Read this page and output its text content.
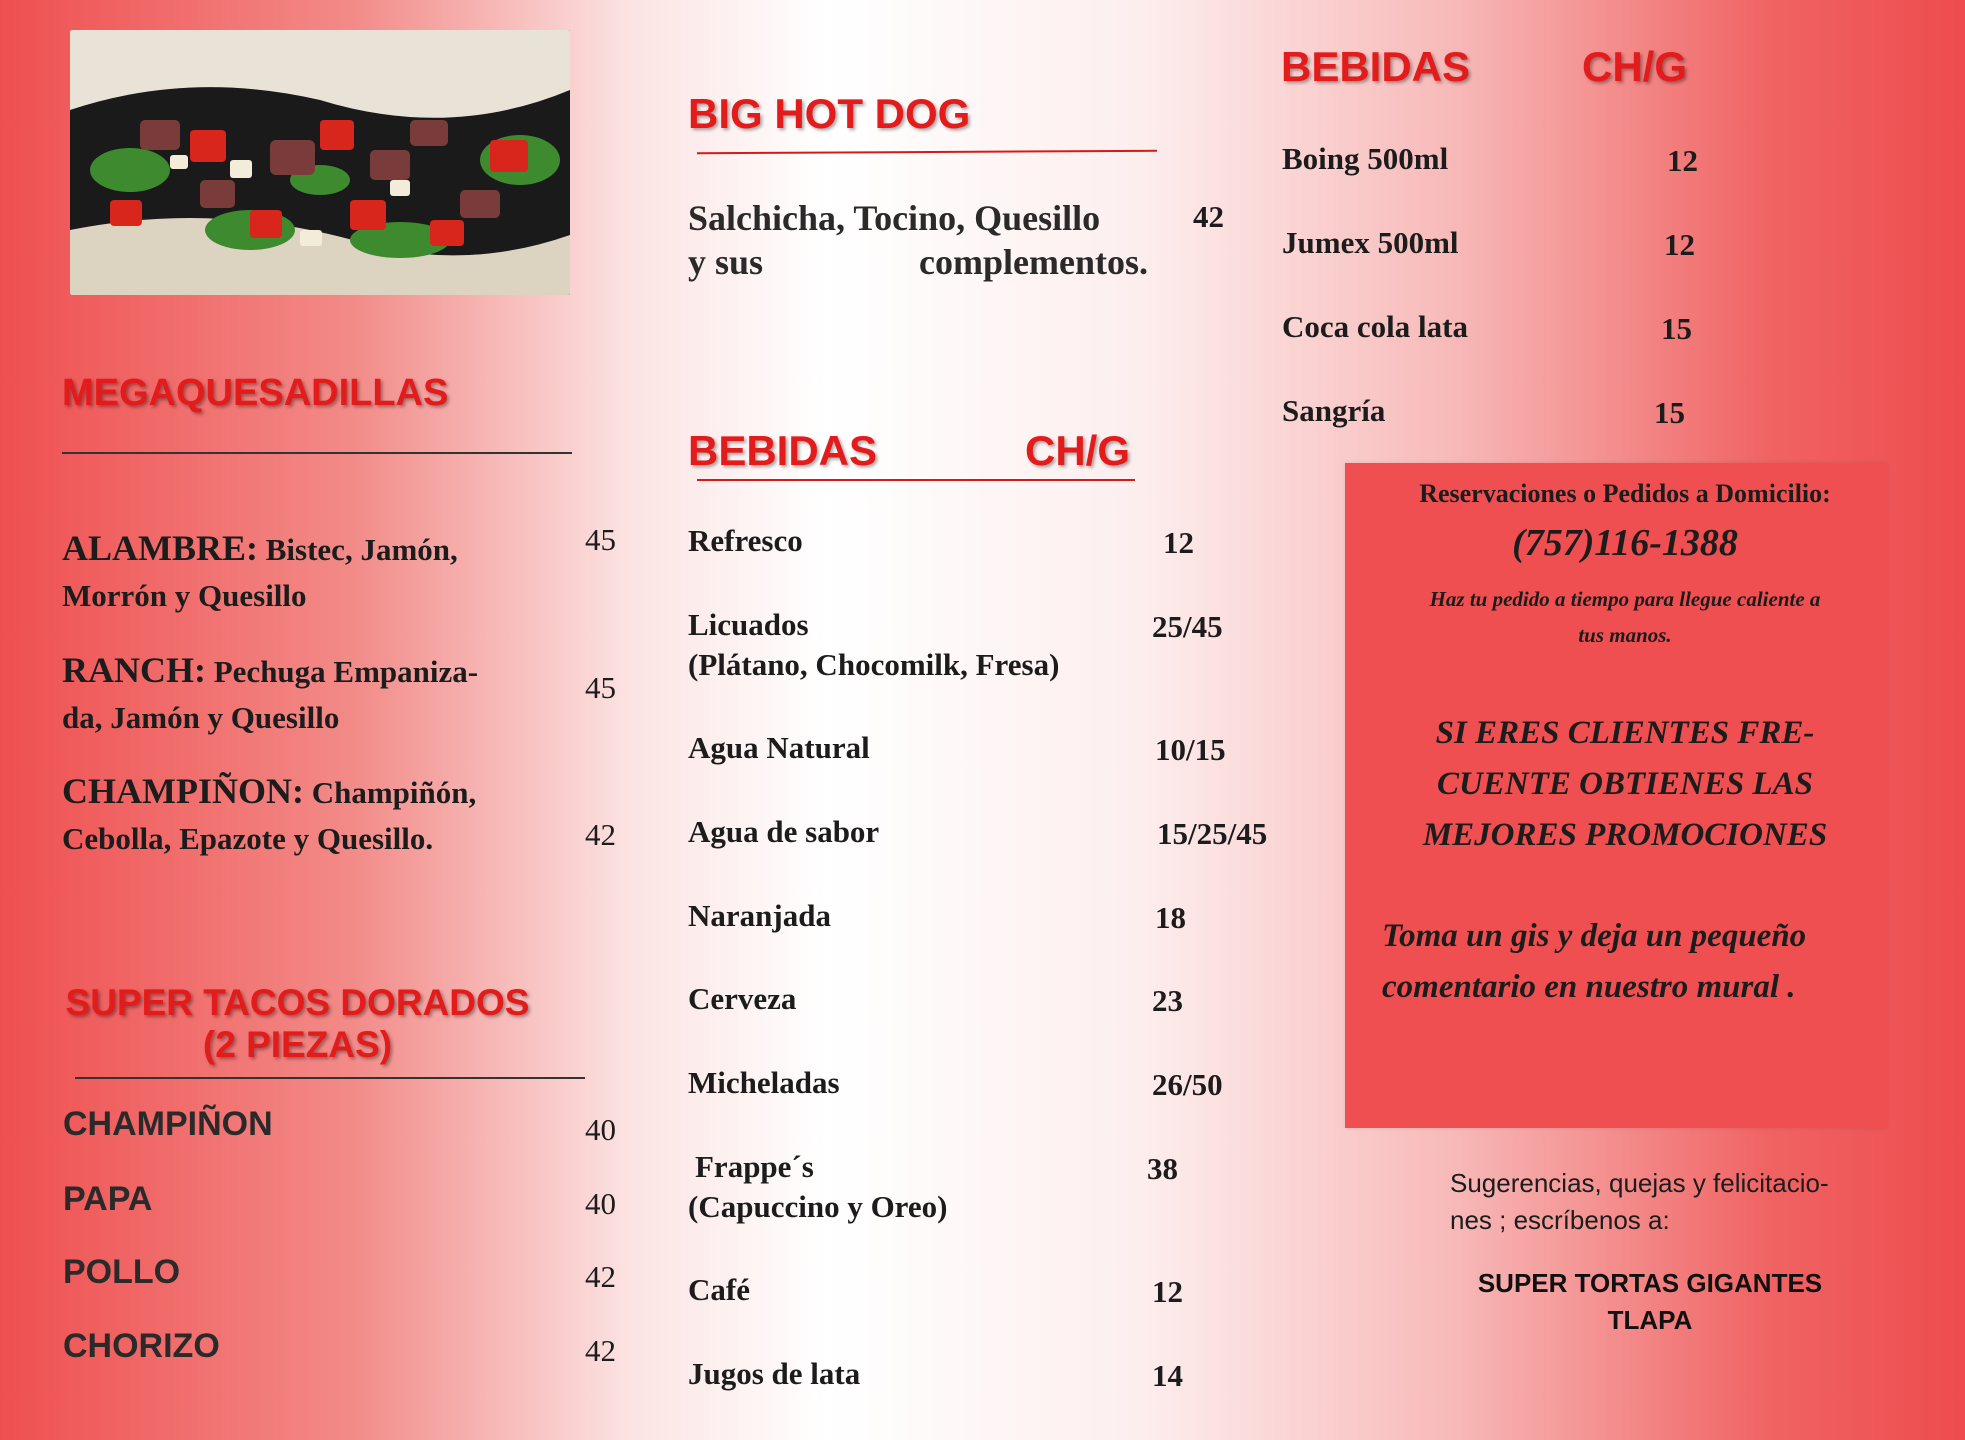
MEGAQUESADILLAS
ALAMBRE: Bistec, Jamón,
Morrón y Quesillo
45
RANCH: Pechuga Empaniza-
da, Jamón y Quesillo
45
CHAMPIÑON: Champiñón,
Cebolla, Epazote y Quesillo.	42
SUPER TACOS DORADOS
(2 PIEZAS)
CHAMPIÑON	40
PAPA	40
POLLO	42
CHORIZO	42
BIG HOT DOG
Salchicha, Tocino, Quesillo
y sus	complementos.
42
BEBIDAS	CH/G
Refresco	12
Licuados
(Plátano, Chocomilk, Fresa)
25/45
Agua Natural	10/15
Agua de sabor	15/25/45
Naranjada	18
Cerveza	23
Micheladas	26/50
Frappe´s
(Capuccino y Oreo)
38
Café	12
Jugos de lata	14
BEBIDAS	CH/G
Boing 500ml	12
Jumex 500ml	12
Coca cola lata	15
Sangría	15
Reservaciones o Pedidos a Domicilio:
(757)116-1388
Haz tu pedido a tiempo para llegue caliente a
tus manos.
SI ERES CLIENTES FRE-
CUENTE OBTIENES LAS
MEJORES PROMOCIONES
Toma un gis y deja un pequeño
comentario en nuestro mural .
Sugerencias, quejas y felicitacio-
nes ; escríbenos a:
SUPER TORTAS GIGANTES
TLAPA
